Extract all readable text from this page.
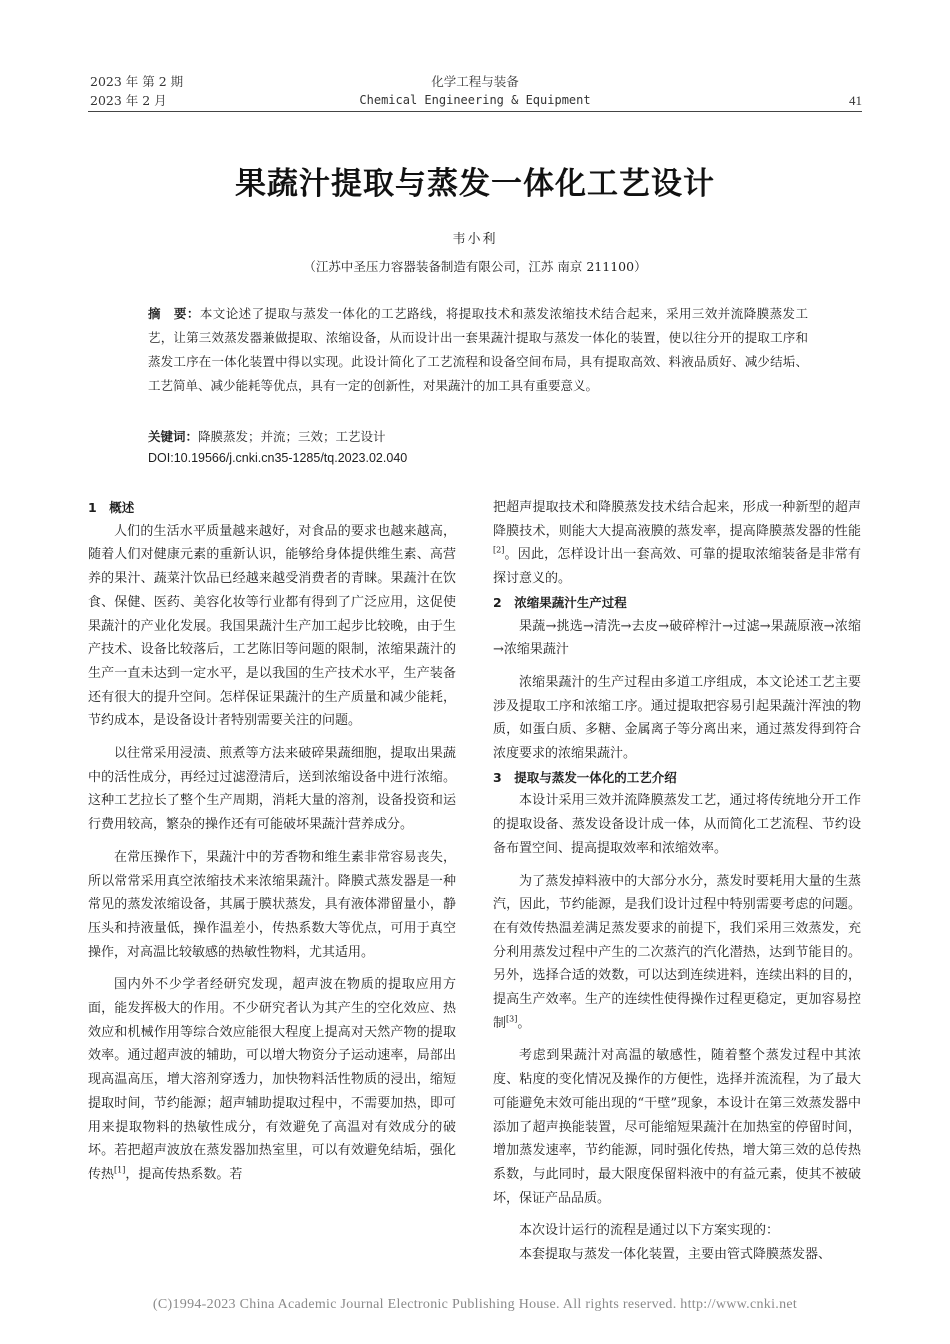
2023 年 第 2 期
2023 年 2 月
化学工程与装备
Chemical Engineering & Equipment	41
果蔬汁提取与蒸发一体化工艺设计
韦小利
（江苏中圣压力容器装备制造有限公司，江苏 南京 211100）
摘　要：本文论述了提取与蒸发一体化的工艺路线，将提取技术和蒸发浓缩技术结合起来，采用三效并流降膜蒸发工艺，让第三效蒸发器兼做提取、浓缩设备，从而设计出一套果蔬汁提取与蒸发一体化的装置，使以往分开的提取工序和蒸发工序在一体化装置中得以实现。此设计简化了工艺流程和设备空间布局，具有提取高效、料液品质好、减少结垢、工艺简单、减少能耗等优点，具有一定的创新性，对果蔬汁的加工具有重要意义。
关键词：降膜蒸发；并流；三效；工艺设计
DOI:10.19566/j.cnki.cn35-1285/tq.2023.02.040

1　概述

人们的生活水平质量越来越好，对食品的要求也越来越高，随着人们对健康元素的重新认识，能够给身体提供维生素、高营养的果汁、蔬菜汁饮品已经越来越受消费者的青睐。果蔬汁在饮食、保健、医药、美容化妆等行业都有得到了广泛应用，这促使果蔬汁的产业化发展。我国果蔬汁生产加工起步比较晚，由于生产技术、设备比较落后，工艺陈旧等问题的限制，浓缩果蔬汁的生产一直未达到一定水平，是以我国的生产技术水平，生产装备还有很大的提升空间。怎样保证果蔬汁的生产质量和减少能耗，节约成本，是设备设计者特别需要关注的问题。

以往常采用浸渍、煎煮等方法来破碎果蔬细胞，提取出果蔬中的活性成分，再经过过滤澄清后，送到浓缩设备中进行浓缩。这种工艺拉长了整个生产周期，消耗大量的溶剂，设备投资和运行费用较高，繁杂的操作还有可能破坏果蔬汁营养成分。

在常压操作下，果蔬汁中的芳香物和维生素非常容易丧失，所以常常采用真空浓缩技术来浓缩果蔬汁。降膜式蒸发器是一种常见的蒸发浓缩设备，其属于膜状蒸发，具有液体滞留量小，静压头和持液量低，操作温差小，传热系数大等优点，可用于真空操作，对高温比较敏感的热敏性物料，尤其适用。

国内外不少学者经研究发现，超声波在物质的提取应用方面，能发挥极大的作用。不少研究者认为其产生的空化效应、热效应和机械作用等综合效应能很大程度上提高对天然产物的提取效率。通过超声波的辅助，可以增大物资分子运动速率，局部出现高温高压，增大溶剂穿透力，加快物料活性物质的浸出，缩短提取时间，节约能源；超声辅助提取过程中，不需要加热，即可用来提取物料的热敏性成分，有效避免了高温对有效成分的破坏。若把超声波放在蒸发器加热室里，可以有效避免结垢，强化传热[1]，提高传热系数。若

把超声提取技术和降膜蒸发技术结合起来，形成一种新型的超声降膜技术，则能大大提高液膜的蒸发率，提高降膜蒸发器的性能[2]。因此，怎样设计出一套高效、可靠的提取浓缩装备是非常有探讨意义的。

2　浓缩果蔬汁生产过程

果蔬→挑选→清洗→去皮→破碎榨汁→过滤→果蔬原液→浓缩→浓缩果蔬汁

浓缩果蔬汁的生产过程由多道工序组成，本文论述工艺主要涉及提取工序和浓缩工序。通过提取把容易引起果蔬汁浑浊的物质，如蛋白质、多糖、金属离子等分离出来，通过蒸发得到符合浓度要求的浓缩果蔬汁。

3　提取与蒸发一体化的工艺介绍

本设计采用三效并流降膜蒸发工艺，通过将传统地分开工作的提取设备、蒸发设备设计成一体，从而简化工艺流程、节约设备布置空间、提高提取效率和浓缩效率。

为了蒸发掉料液中的大部分水分，蒸发时要耗用大量的生蒸汽，因此，节约能源，是我们设计过程中特别需要考虑的问题。在有效传热温差满足蒸发要求的前提下，我们采用三效蒸发，充分利用蒸发过程中产生的二次蒸汽的汽化潜热，达到节能目的。另外，选择合适的效数，可以达到连续进料，连续出料的目的，提高生产效率。生产的连续性使得操作过程更稳定，更加容易控制[3]。

考虑到果蔬汁对高温的敏感性，随着整个蒸发过程中其浓度、粘度的变化情况及操作的方便性，选择并流流程，为了最大可能避免末效可能出现的“干壁”现象，本设计在第三效蒸发器中添加了超声换能装置，尽可能缩短果蔬汁在加热室的停留时间，增加蒸发速率，节约能源，同时强化传热，增大第三效的总传热系数，与此同时，最大限度保留料液中的有益元素，使其不被破坏，保证产品品质。

本次设计运行的流程是通过以下方案实现的：

本套提取与蒸发一体化装置，主要由管式降膜蒸发器、

(C)1994-2023 China Academic Journal Electronic Publishing House. All rights reserved. http://www.cnki.net
